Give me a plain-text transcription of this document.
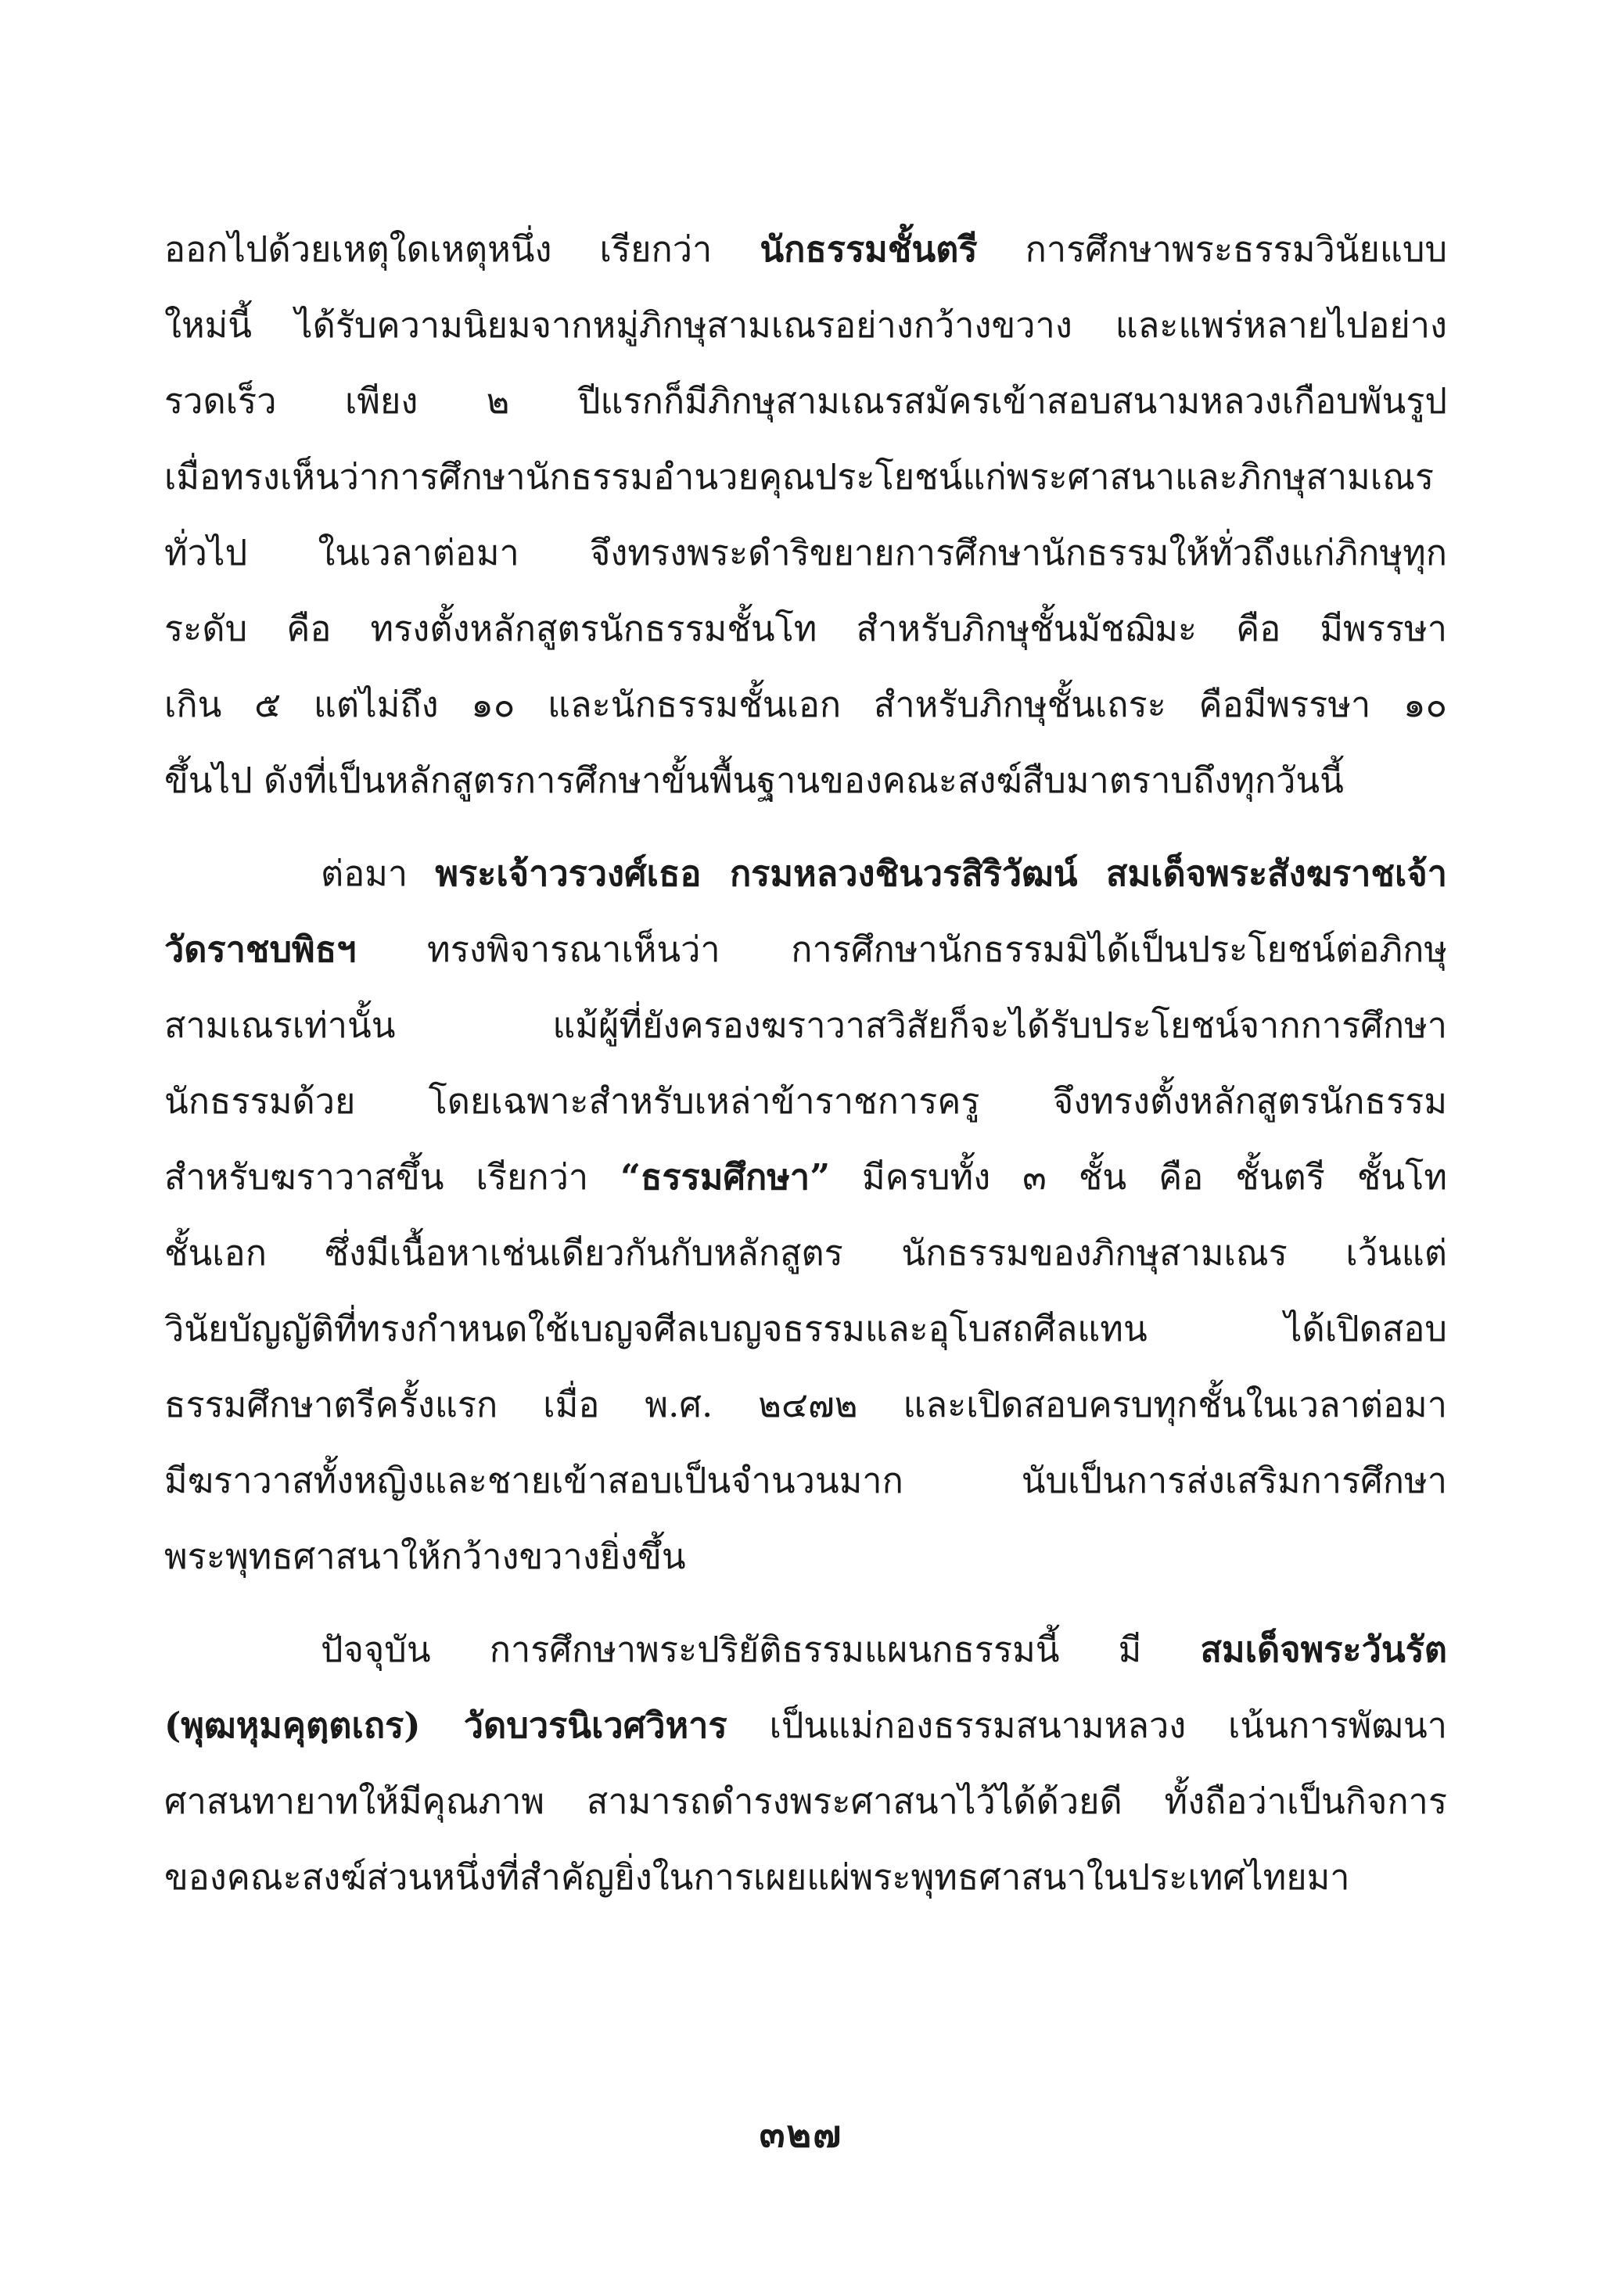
ออกไปด้วยเหตุใดเหตุหนึ่ง เรียกว่า นักธรรมชั้นตรี การศึกษาพระธรรมวินัยแบบ
ใหม่นี้ ได้รับความนิยมจากหมู่ภิกษุสามเณรอย่างกว้างขวาง และแพร่หลายไปอย่าง
รวดเร็ว เพียง ๒ ปีแรกก็มีภิกษุสามเณรสมัครเข้าสอบสนามหลวงเกือบพันรูป
เมื่อทรงเห็นว่าการศึกษานักธรรมอำนวยคุณประโยชน์แก่พระศาสนาและภิกษุสามเณร
ทั่วไป ในเวลาต่อมา จึงทรงพระดำริขยายการศึกษานักธรรมให้ทั่วถึงแก่ภิกษุทุก
ระดับ คือ ทรงตั้งหลักสูตรนักธรรมชั้นโท สำหรับภิกษุชั้นมัชฌิมะ คือ มีพรรษา
เกิน ๕ แต่ไม่ถึง ๑๐ และนักธรรมชั้นเอก สำหรับภิกษุชั้นเถระ คือมีพรรษา ๑๐
ขึ้นไป ดังที่เป็นหลักสูตรการศึกษาขั้นพื้นฐานของคณะสงฆ์สืบมาตราบถึงทุกวันนี้

ต่อมา พระเจ้าวรวงศ์เธอ กรมหลวงชินวรสิริวัฒน์ สมเด็จพระสังฆราชเจ้า
วัดราชบพิธฯ ทรงพิจารณาเห็นว่า การศึกษานักธรรมมิได้เป็นประโยชน์ต่อภิกษุ
สามเณรเท่านั้น แม้ผู้ที่ยังครองฆราวาสวิสัยก็จะได้รับประโยชน์จากการศึกษา
นักธรรมด้วย โดยเฉพาะสำหรับเหล่าข้าราชการครู จึงทรงตั้งหลักสูตรนักธรรม
สำหรับฆราวาสขึ้น เรียกว่า “ธรรมศึกษา” มีครบทั้ง ๓ ชั้น คือ ชั้นตรี ชั้นโท
ชั้นเอก ซึ่งมีเนื้อหาเช่นเดียวกันกับหลักสูตร นักธรรมของภิกษุสามเณร เว้นแต่
วินัยบัญญัติที่ทรงกำหนดใช้เบญจศีลเบญจธรรมและอุโบสถศีลแทน ได้เปิดสอบ
ธรรมศึกษาตรีครั้งแรก เมื่อ พ.ศ. ๒๔๗๒ และเปิดสอบครบทุกชั้นในเวลาต่อมา
มีฆราวาสทั้งหญิงและชายเข้าสอบเป็นจำนวนมาก นับเป็นการส่งเสริมการศึกษา
พระพุทธศาสนาให้กว้างขวางยิ่งขึ้น

ปัจจุบัน การศึกษาพระปริยัติธรรมแผนกธรรมนี้ มี สมเด็จพระวันรัต
(พุฒหุมคุตฺตเถร) วัดบวรนิเวศวิหาร เป็นแม่กองธรรมสนามหลวง เน้นการพัฒนา
ศาสนทายาทให้มีคุณภาพ สามารถดำรงพระศาสนาไว้ได้ด้วยดี ทั้งถือว่าเป็นกิจการ
ของคณะสงฆ์ส่วนหนึ่งที่สำคัญยิ่งในการเผยแผ่พระพุทธศาสนาในประเทศไทยมา

๓๒๗
